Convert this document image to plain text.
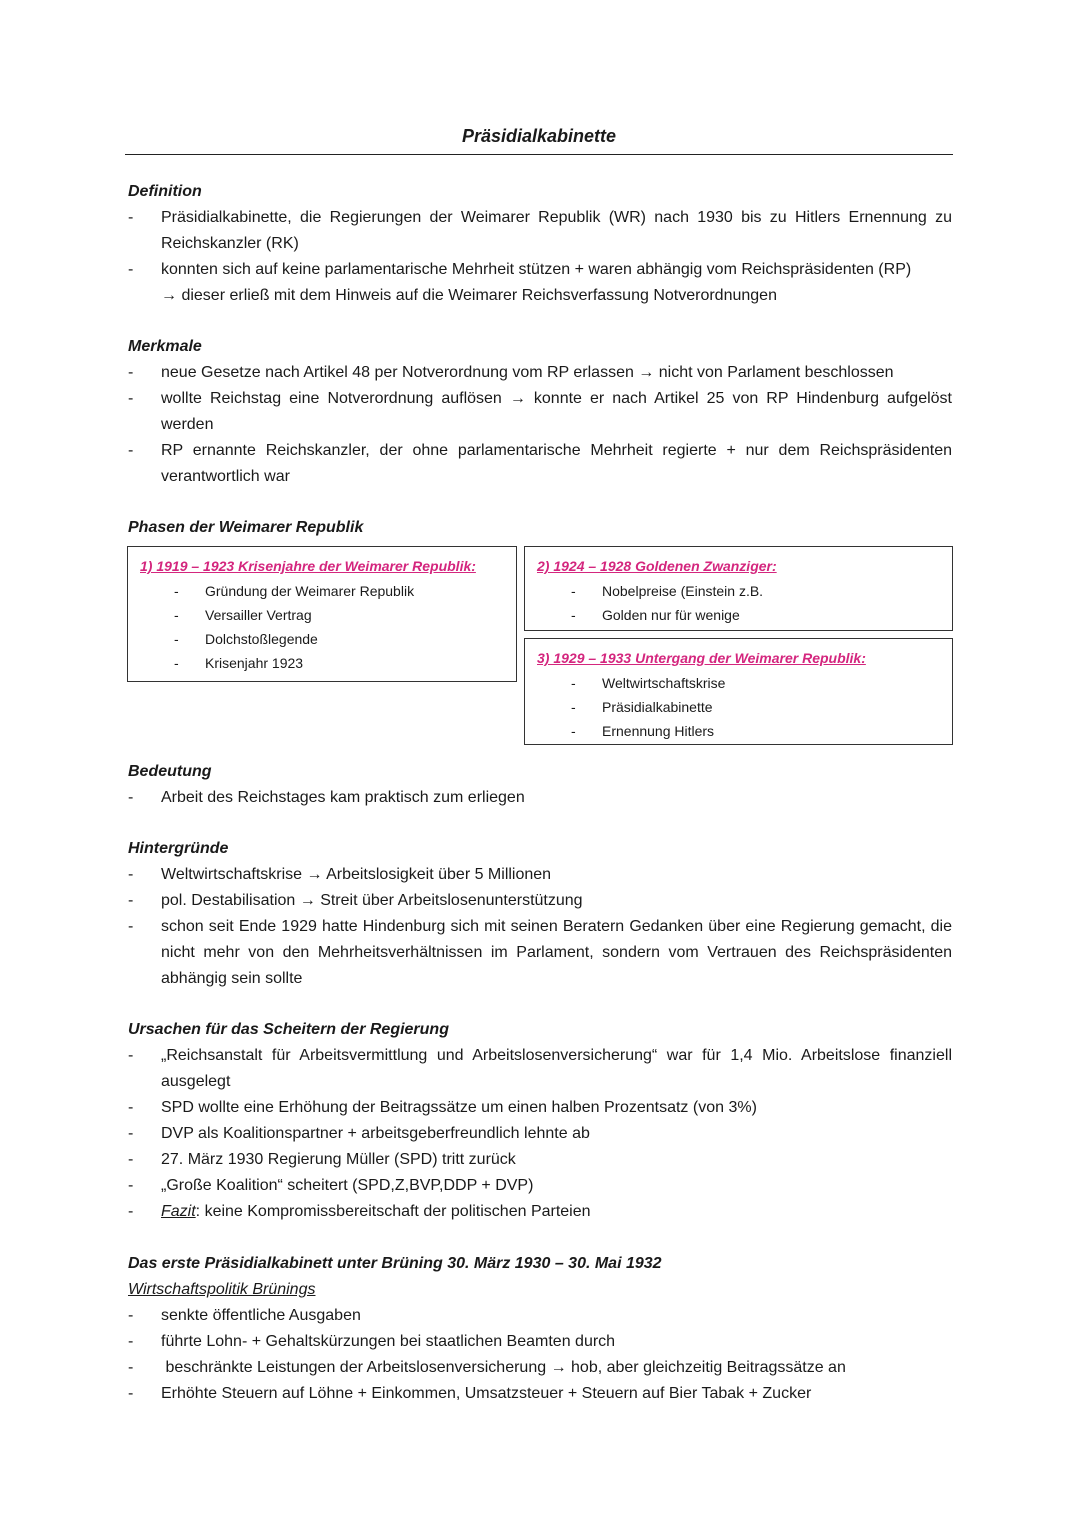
Präsidialkabinette
Definition
- Präsidialkabinette, die Regierungen der Weimarer Republik (WR) nach 1930 bis zu Hitlers Ernennung zu Reichskanzler (RK)
- konnten sich auf keine parlamentarische Mehrheit stützen + waren abhängig vom Reichspräsidenten (RP)
→ dieser erließ mit dem Hinweis auf die Weimarer Reichsverfassung Notverordnungen
Merkmale
- neue Gesetze nach Artikel 48 per Notverordnung vom RP erlassen → nicht von Parlament beschlossen
- wollte Reichstag eine Notverordnung auflösen → konnte er nach Artikel 25 von RP Hindenburg aufgelöst werden
- RP ernannte Reichskanzler, der ohne parlamentarische Mehrheit regierte + nur dem Reichspräsidenten verantwortlich war
Phasen der Weimarer Republik
1) 1919 – 1923 Krisenjahre der Weimarer Republik:
- Gründung der Weimarer Republik
- Versailler Vertrag
- Dolchstoßlegende
- Krisenjahr 1923
2) 1924 – 1928 Goldenen Zwanziger:
- Nobelpreise (Einstein z.B.
- Golden nur für wenige
3) 1929 – 1933 Untergang der Weimarer Republik:
- Weltwirtschaftskrise
- Präsidialkabinette
- Ernennung Hitlers
Bedeutung
- Arbeit des Reichstages kam praktisch zum erliegen
Hintergründe
- Weltwirtschaftskrise → Arbeitslosigkeit über 5 Millionen
- pol. Destabilisation → Streit über Arbeitslosenunterstützung
- schon seit Ende 1929 hatte Hindenburg sich mit seinen Beratern Gedanken über eine Regierung gemacht, die nicht mehr von den Mehrheitsverhältnissen im Parlament, sondern vom Vertrauen des Reichspräsidenten abhängig sein sollte
Ursachen für das Scheitern der Regierung
- „Reichsanstalt für Arbeitsvermittlung und Arbeitslosenversicherung“ war für 1,4 Mio. Arbeitslose finanziell ausgelegt
- SPD wollte eine Erhöhung der Beitragssätze um einen halben Prozentsatz (von 3%)
- DVP als Koalitionspartner + arbeitsgeberfreundlich lehnte ab
- 27. März 1930 Regierung Müller (SPD) tritt zurück
- „Große Koalition“ scheitert (SPD,Z,BVP,DDP + DVP)
- Fazit: keine Kompromissbereitschaft der politischen Parteien
Das erste Präsidialkabinett unter Brüning 30. März 1930 – 30. Mai 1932
Wirtschaftspolitik Brünings
- senkte öffentliche Ausgaben
- führte Lohn- + Gehaltskürzungen bei staatlichen Beamten durch
-  beschränkte Leistungen der Arbeitslosenversicherung → hob, aber gleichzeitig Beitragssätze an
- Erhöhte Steuern auf Löhne + Einkommen, Umsatzsteuer + Steuern auf Bier Tabak + Zucker
